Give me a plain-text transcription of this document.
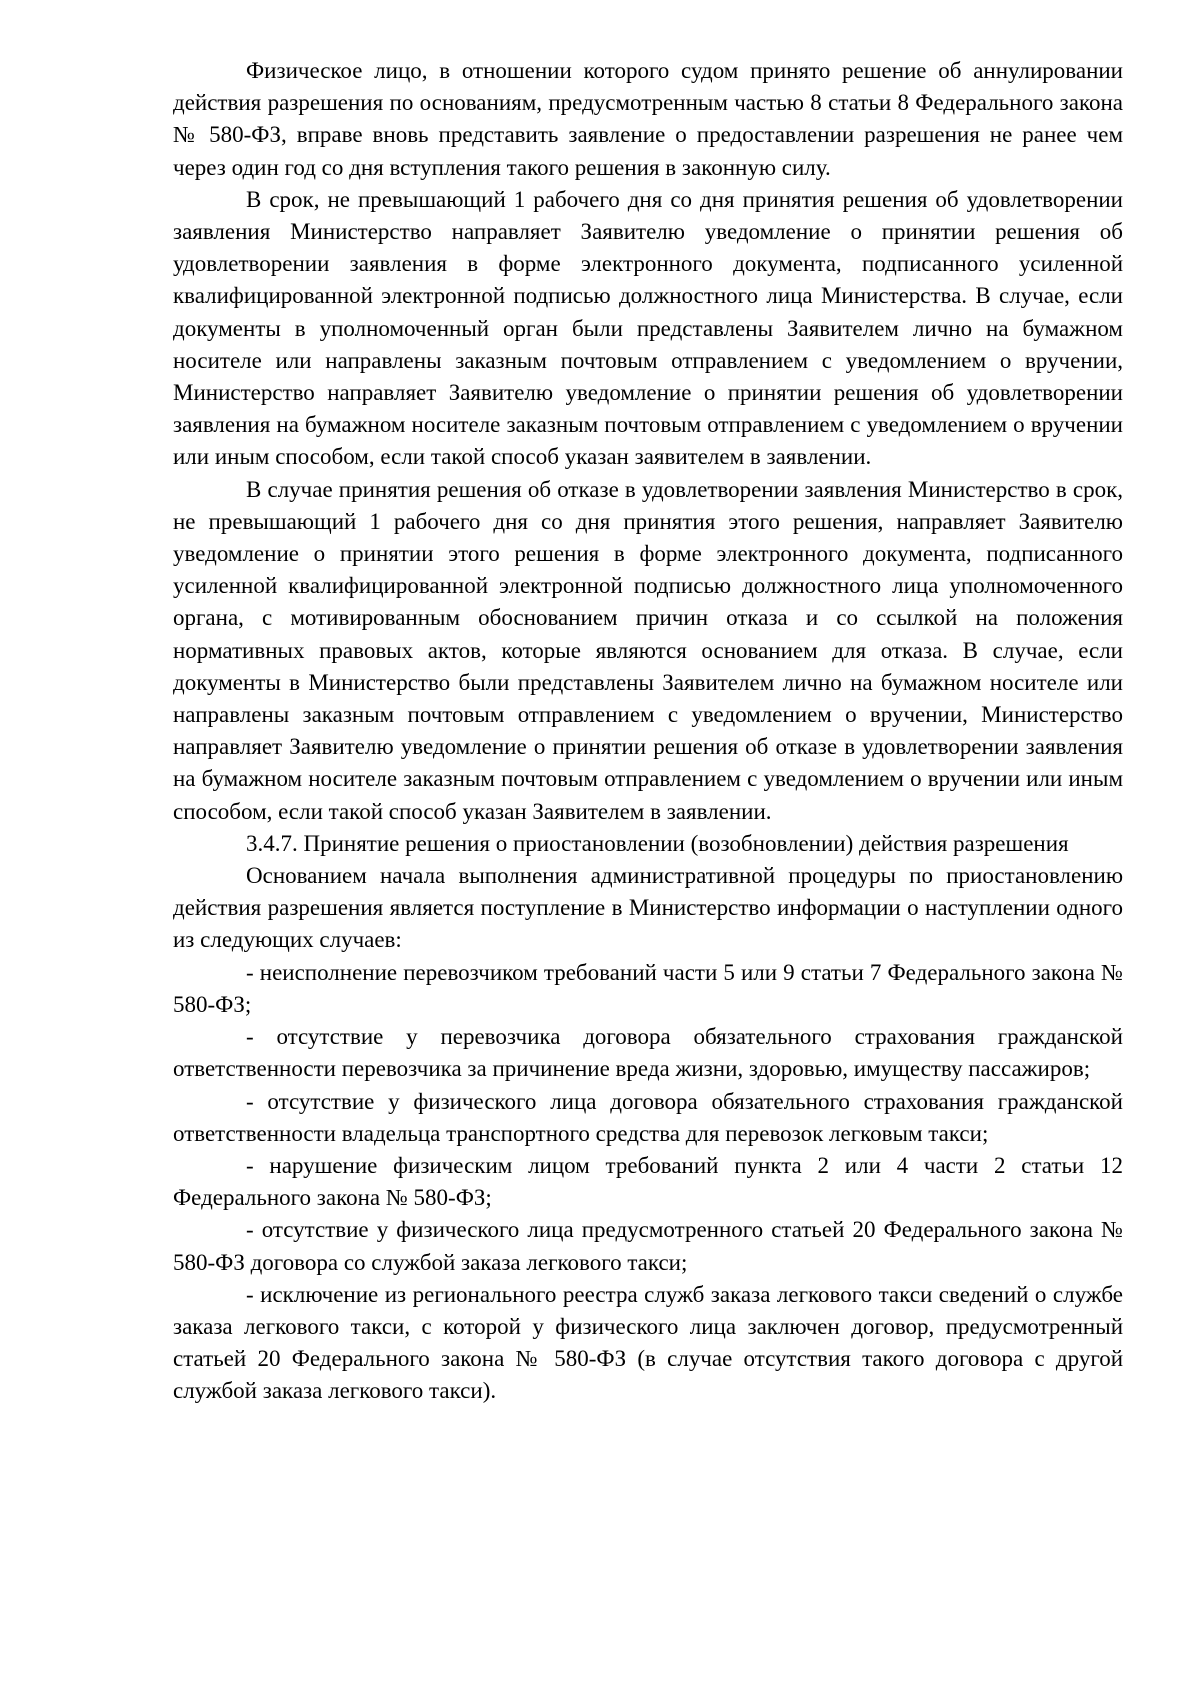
Физическое лицо, в отношении которого судом принято решение об аннулировании действия разрешения по основаниям, предусмотренным частью 8 статьи 8 Федерального закона № 580-ФЗ, вправе вновь представить заявление о предоставлении разрешения не ранее чем через один год со дня вступления такого решения в законную силу.

В срок, не превышающий 1 рабочего дня со дня принятия решения об удовлетворении заявления Министерство направляет Заявителю уведомление о принятии решения об удовлетворении заявления в форме электронного документа, подписанного усиленной квалифицированной электронной подписью должностного лица Министерства. В случае, если документы в уполномоченный орган были представлены Заявителем лично на бумажном носителе или направлены заказным почтовым отправлением с уведомлением о вручении, Министерство направляет Заявителю уведомление о принятии решения об удовлетворении заявления на бумажном носителе заказным почтовым отправлением с уведомлением о вручении или иным способом, если такой способ указан заявителем в заявлении.

В случае принятия решения об отказе в удовлетворении заявления Министерство в срок, не превышающий 1 рабочего дня со дня принятия этого решения, направляет Заявителю уведомление о принятии этого решения в форме электронного документа, подписанного усиленной квалифицированной электронной подписью должностного лица уполномоченного органа, с мотивированным обоснованием причин отказа и со ссылкой на положения нормативных правовых актов, которые являются основанием для отказа. В случае, если документы в Министерство были представлены Заявителем лично на бумажном носителе или направлены заказным почтовым отправлением с уведомлением о вручении, Министерство направляет Заявителю уведомление о принятии решения об отказе в удовлетворении заявления на бумажном носителе заказным почтовым отправлением с уведомлением о вручении или иным способом, если такой способ указан Заявителем в заявлении.

3.4.7. Принятие решения о приостановлении (возобновлении) действия разрешения

Основанием начала выполнения административной процедуры по приостановлению действия разрешения является поступление в Министерство информации о наступлении одного из следующих случаев:

- неисполнение перевозчиком требований части 5 или 9 статьи 7 Федерального закона № 580-ФЗ;

- отсутствие у перевозчика договора обязательного страхования гражданской ответственности перевозчика за причинение вреда жизни, здоровью, имуществу пассажиров;

- отсутствие у физического лица договора обязательного страхования гражданской ответственности владельца транспортного средства для перевозок легковым такси;

- нарушение физическим лицом требований пункта 2 или 4 части 2 статьи 12 Федерального закона № 580-ФЗ;

- отсутствие у физического лица предусмотренного статьей 20 Федерального закона № 580-ФЗ договора со службой заказа легкового такси;

- исключение из регионального реестра служб заказа легкового такси сведений о службе заказа легкового такси, с которой у физического лица заключен договор, предусмотренный статьей 20 Федерального закона № 580-ФЗ (в случае отсутствия такого договора с другой службой заказа легкового такси).
